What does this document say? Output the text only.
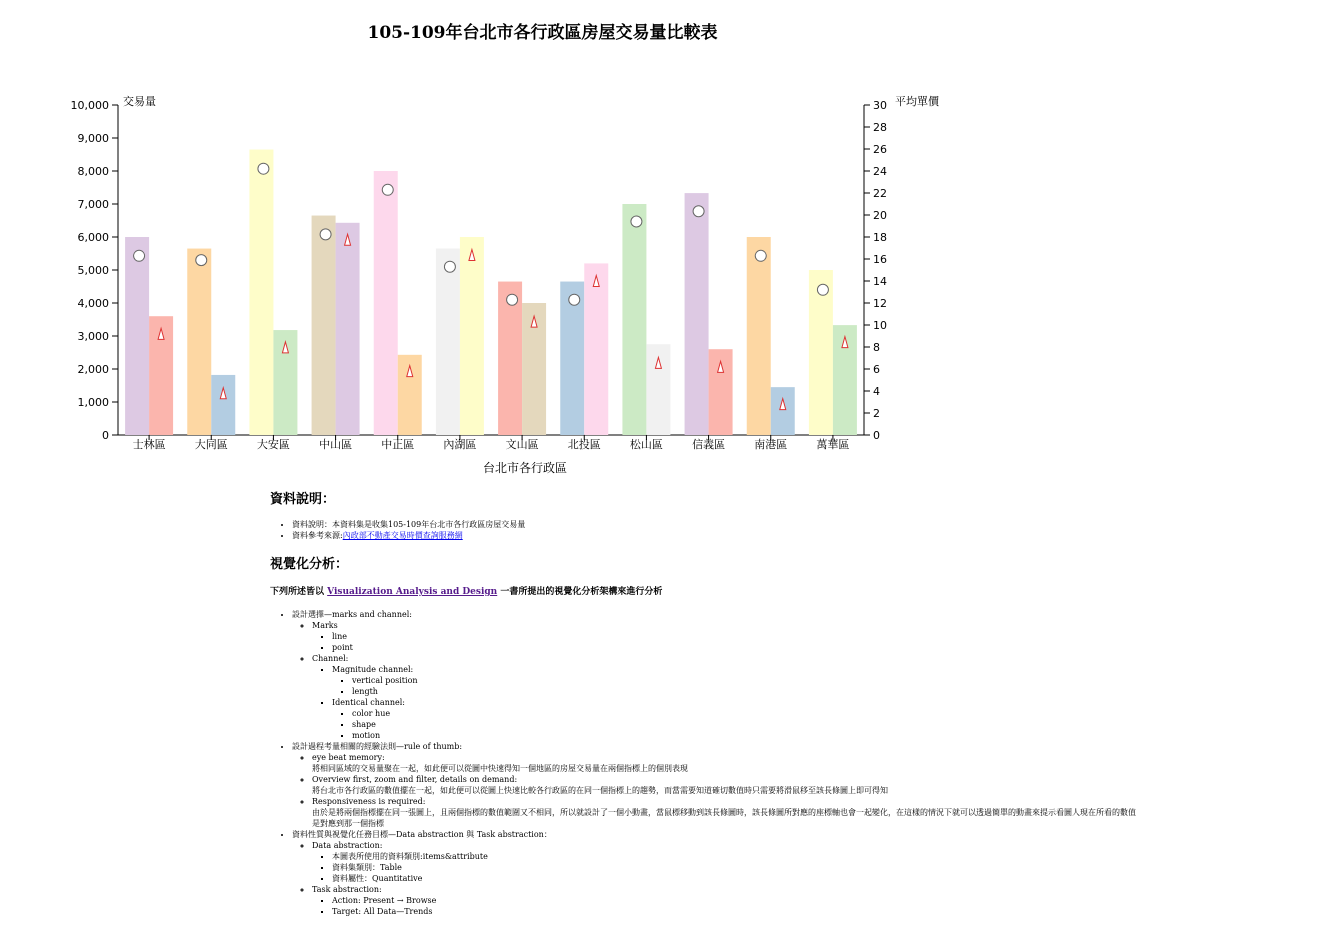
105-109年台北市各行政區房屋交易量比較表
0
1,000
2,000
3,000
4,000
5,000
6,000
7,000
8,000
9,000
10,000 交易量
0
2
4
6
8
10
12
14
16
18
20
22
24
26
28
30 平均單價
士林區	大同區	大安區	中山區	中正區	內湖區	文山區	北投區	松山區	信義區	南港區	萬華區
台北市各行政區
資料說明：
• 資料說明：本資料集是收集105-109年台北市各行政區房屋交易量
• 資料參考來源:內政部不動產交易時價查詢服務網
視覺化分析：

下列所述皆以 Visualization Analysis and Design 一書所提出的視覺化分析架構來進行分析

• 設計選擇—marks and channel:
◦ Marks
▪ line
▪ point
◦ Channel:
▪ Magnitude channel:
▪ vertical position
▪ length
▪ Identical channel:
▪ color hue
▪ shape
▪ motion
• 設計過程考量相關的經驗法則—rule of thumb:
◦ eye beat memory:
將相同區域的交易量聚在一起，如此便可以從圖中快速得知一個地區的房屋交易量在兩個指標上的個別表現
◦ Overview first, zoom and filter, details on demand:
將台北市各行政區的數值擺在一起，如此便可以從圖上快速比較各行政區的在同一個指標上的趨勢，而當需要知道確切數值時只需要將滑鼠移至該長條圖上即可得知
◦ Responsiveness is required:
由於是將兩個指標擺在同一張圖上，且兩個指標的數值範圍又不相同，所以就設計了一個小動畫，當鼠標移動到該長條圖時，該長條圖所對應的座標軸也會一起變化，在這樣的情況下就可以透過簡單的動畫來提示看圖人現在所看的數值是對應到那一個指標
• 資料性質與視覺化任務目標—Data abstraction 與 Task abstraction：
◦ Data abstraction:
▪ 本圖表所使用的資料類別:items&attribute
▪ 資料集類別：Table
▪ 資料屬性：Quantitative
◦ Task abstraction:
▪ Action: Present → Browse
▪ Target: All Data—Trends
